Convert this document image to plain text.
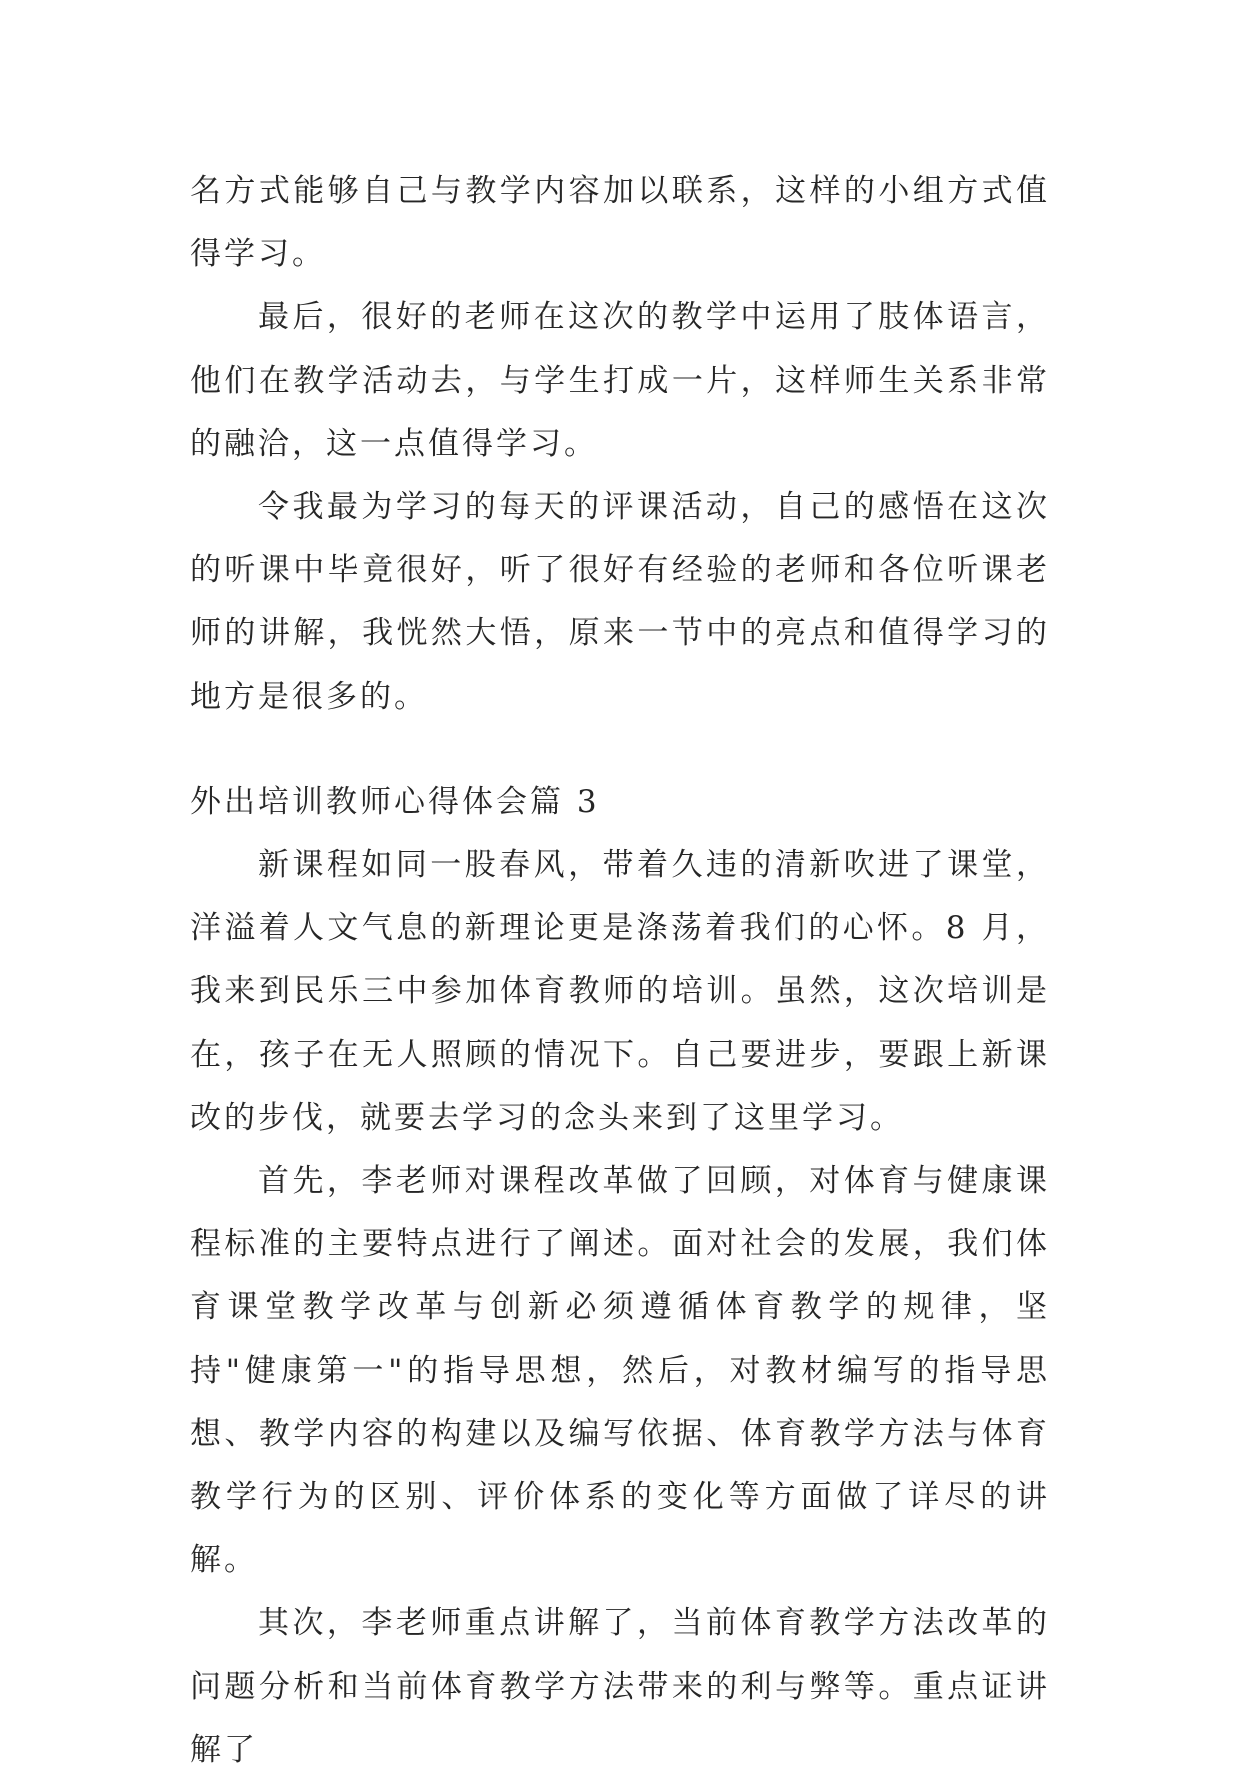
名方式能够自己与教学内容加以联系，这样的小组方式值得学习。

最后，很好的老师在这次的教学中运用了肢体语言，他们在教学活动去，与学生打成一片，这样师生关系非常的融洽，这一点值得学习。

令我最为学习的每天的评课活动，自己的感悟在这次的听课中毕竟很好，听了很好有经验的老师和各位听课老师的讲解，我恍然大悟，原来一节中的亮点和值得学习的地方是很多的。

外出培训教师心得体会篇 3

新课程如同一股春风，带着久违的清新吹进了课堂，洋溢着人文气息的新理论更是涤荡着我们的心怀。8 月，我来到民乐三中参加体育教师的培训。虽然，这次培训是在，孩子在无人照顾的情况下。自己要进步，要跟上新课改的步伐，就要去学习的念头来到了这里学习。

首先，李老师对课程改革做了回顾，对体育与健康课程标准的主要特点进行了阐述。面对社会的发展，我们体育课堂教学改革与创新必须遵循体育教学的规律，坚持"健康第一"的指导思想，然后，对教材编写的指导思想、教学内容的构建以及编写依据、体育教学方法与体育教学行为的区别、评价体系的变化等方面做了详尽的讲解。

其次，李老师重点讲解了，当前体育教学方法改革的问题分析和当前体育教学方法带来的利与弊等。重点证讲解了
